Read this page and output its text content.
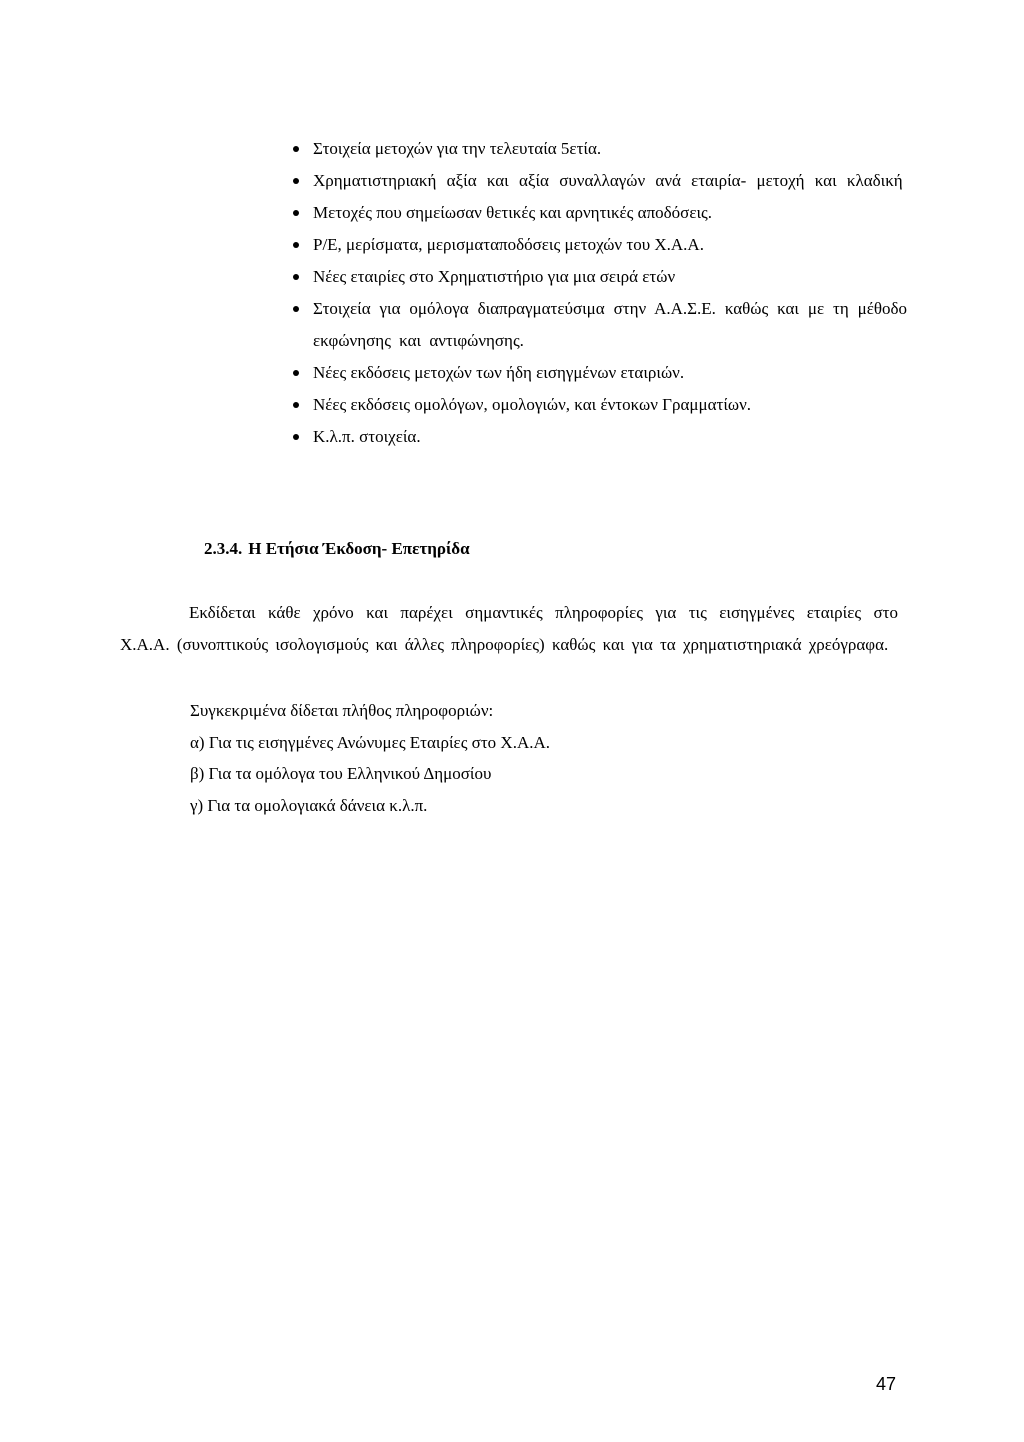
Στοιχεία μετοχών για την τελευταία 5ετία.
Χρηματιστηριακή αξία και αξία συναλλαγών ανά εταιρία- μετοχή και κλαδική
Μετοχές που σημείωσαν θετικές και αρνητικές αποδόσεις.
Ρ/Ε, μερίσματα, μερισματαποδόσεις μετοχών του Χ.Α.Α.
Νέες εταιρίες στο Χρηματιστήριο για μια σειρά ετών
Στοιχεία για ομόλογα διαπραγματεύσιμα στην Α.Α.Σ.Ε. καθώς και με τη μέθοδο εκφώνησης και αντιφώνησης.
Νέες εκδόσεις μετοχών των ήδη εισηγμένων εταιριών.
Νέες εκδόσεις ομολόγων, ομολογιών, και έντοκων Γραμματίων.
Κ.λ.π. στοιχεία.
2.3.4. Η Ετήσια Έκδοση- Επετηρίδα

Εκδίδεται κάθε χρόνο και παρέχει σημαντικές πληροφορίες για τις εισηγμένες εταιρίες στο Χ.Α.Α. (συνοπτικούς ισολογισμούς και άλλες πληροφορίες) καθώς και για τα χρηματιστηριακά χρεόγραφα.

Συγκεκριμένα δίδεται πλήθος πληροφοριών:
α) Για τις εισηγμένες Ανώνυμες Εταιρίες στο Χ.Α.Α.
β) Για τα ομόλογα του Ελληνικού Δημοσίου
γ) Για τα ομολογιακά δάνεια κ.λ.π.
47
